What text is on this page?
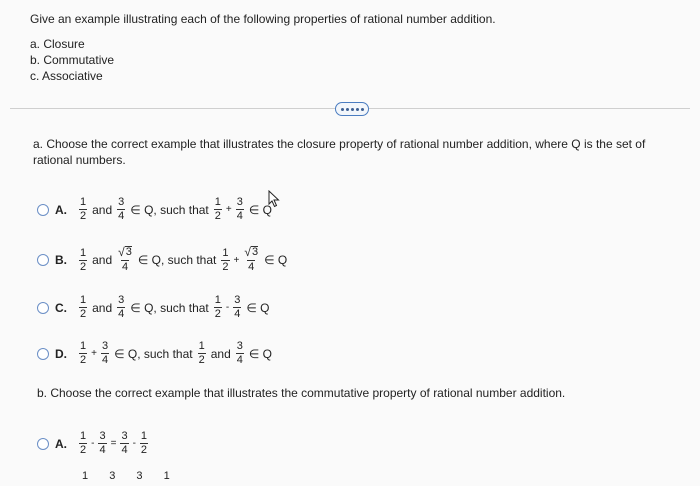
Give an example illustrating each of the following properties of rational number addition.
a. Closure
b. Commutative
c. Associative
a. Choose the correct example that illustrates the closure property of rational number addition, where Q is the set of rational numbers.
A. $\frac{1}{2}$ and $\frac{3}{4}$ ∈ Q, such that $\frac{1}{2} + \frac{3}{4}$ ∈ Q
B. $\frac{1}{2}$ and $\frac{√ 3}{4}$ ∈ Q, such that $\frac{1}{2} + \frac{√ 3}{4}$ ∈ Q
C. $\frac{1}{2}$ and $\frac{3}{4}$ ∈ Q, such that $\frac{1}{2} - \frac{3}{4}$ ∈ Q
D. $\frac{1}{2} + \frac{3}{4}$ ∈ Q, such that $\frac{1}{2}$ and $\frac{3}{4}$ ∈ Q
b. Choose the correct example that illustrates the commutative property of rational number addition.
A. $\frac{1}{2} - \frac{3}{4} = \frac{3}{4} - \frac{1}{2}$
1 3 3 1
